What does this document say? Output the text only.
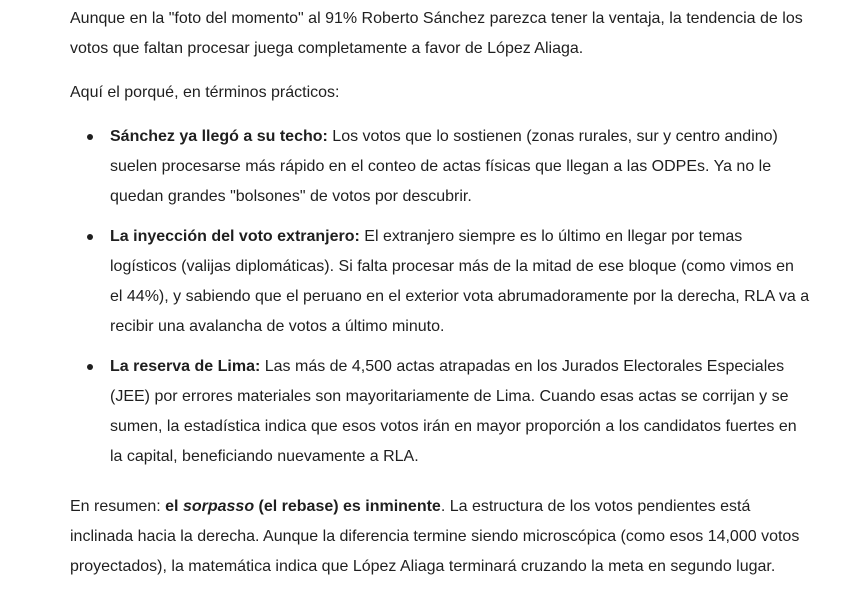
Aunque en la "foto del momento" al 91% Roberto Sánchez parezca tener la ventaja, la tendencia de los votos que faltan procesar juega completamente a favor de López Aliaga.

Aquí el porqué, en términos prácticos:

Sánchez ya llegó a su techo: Los votos que lo sostienen (zonas rurales, sur y centro andino) suelen procesarse más rápido en el conteo de actas físicas que llegan a las ODPEs. Ya no le quedan grandes "bolsones" de votos por descubrir.
La inyección del voto extranjero: El extranjero siempre es lo último en llegar por temas logísticos (valijas diplomáticas). Si falta procesar más de la mitad de ese bloque (como vimos en el 44%), y sabiendo que el peruano en el exterior vota abrumadoramente por la derecha, RLA va a recibir una avalancha de votos a último minuto.
La reserva de Lima: Las más de 4,500 actas atrapadas en los Jurados Electorales Especiales (JEE) por errores materiales son mayoritariamente de Lima. Cuando esas actas se corrijan y se sumen, la estadística indica que esos votos irán en mayor proporción a los candidatos fuertes en la capital, beneficiando nuevamente a RLA.

En resumen: el sorpasso (el rebase) es inminente. La estructura de los votos pendientes está inclinada hacia la derecha. Aunque la diferencia termine siendo microscópica (como esos 14,000 votos proyectados), la matemática indica que López Aliaga terminará cruzando la meta en segundo lugar.
